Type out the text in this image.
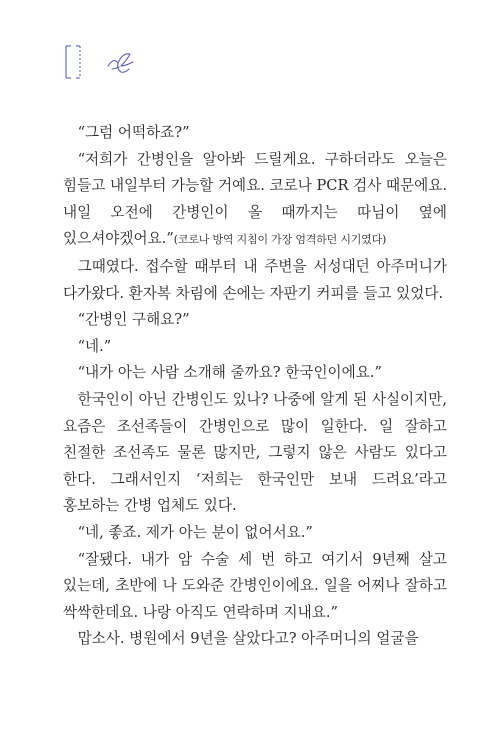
“그럼 어떡하죠?”

“저희가 간병인을 알아봐 드릴게요. 구하더라도 오늘은 힘들고 내일부터 가능할 거예요. 코로나 PCR 검사 때문에요. 내일 오전에 간병인이 올 때까지는 따님이 옆에 있으셔야겠어요.”(코로나 방역 지침이 가장 엄격하던 시기였다)

그때였다. 접수할 때부터 내 주변을 서성대던 아주머니가 다가왔다. 환자복 차림에 손에는 자판기 커피를 들고 있었다.

“간병인 구해요?”

“네.”

“내가 아는 사람 소개해 줄까요? 한국인이에요.”

한국인이 아닌 간병인도 있나? 나중에 알게 된 사실이지만, 요즘은 조선족들이 간병인으로 많이 일한다. 일 잘하고 친절한 조선족도 물론 많지만, 그렇지 않은 사람도 있다고 한다. 그래서인지 ‘저희는 한국인만 보내 드려요’라고 홍보하는 간병 업체도 있다.

“네, 좋죠. 제가 아는 분이 없어서요.”

“잘됐다. 내가 암 수술 세 번 하고 여기서 9년째 살고 있는데, 초반에 나 도와준 간병인이에요. 일을 어찌나 잘하고 싹싹한데요. 나랑 아직도 연락하며 지내요.”

맙소사. 병원에서 9년을 살았다고? 아주머니의 얼굴을
